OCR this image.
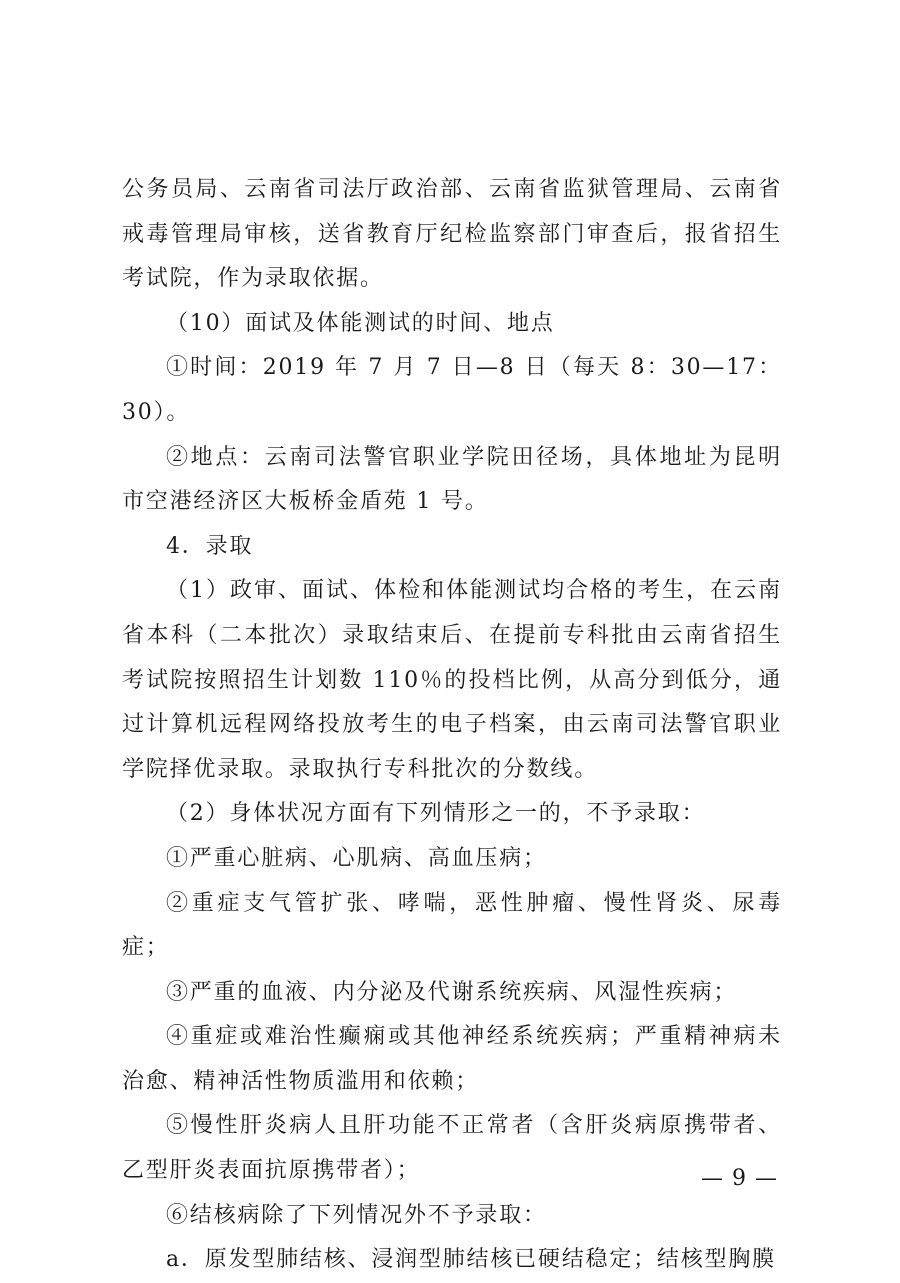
公务员局、云南省司法厅政治部、云南省监狱管理局、云南省戒毒管理局审核，送省教育厅纪检监察部门审查后，报省招生考试院，作为录取依据。

（10）面试及体能测试的时间、地点

①时间：2019 年 7 月 7 日—8 日（每天 8：30—17：30）。

②地点：云南司法警官职业学院田径场，具体地址为昆明市空港经济区大板桥金盾苑 1 号。

4．录取

（1）政审、面试、体检和体能测试均合格的考生，在云南省本科（二本批次）录取结束后、在提前专科批由云南省招生考试院按照招生计划数 110％的投档比例，从高分到低分，通过计算机远程网络投放考生的电子档案，由云南司法警官职业学院择优录取。录取执行专科批次的分数线。

（2）身体状况方面有下列情形之一的，不予录取：

①严重心脏病、心肌病、高血压病；

②重症支气管扩张、哮喘，恶性肿瘤、慢性肾炎、尿毒症；

③严重的血液、内分泌及代谢系统疾病、风湿性疾病；

④重症或难治性癫痫或其他神经系统疾病；严重精神病未治愈、精神活性物质滥用和依赖；

⑤慢性肝炎病人且肝功能不正常者（含肝炎病原携带者、乙型肝炎表面抗原携带者）；

⑥结核病除了下列情况外不予录取：

a．原发型肺结核、浸润型肺结核已硬结稳定；结核型胸膜

— 9 —
